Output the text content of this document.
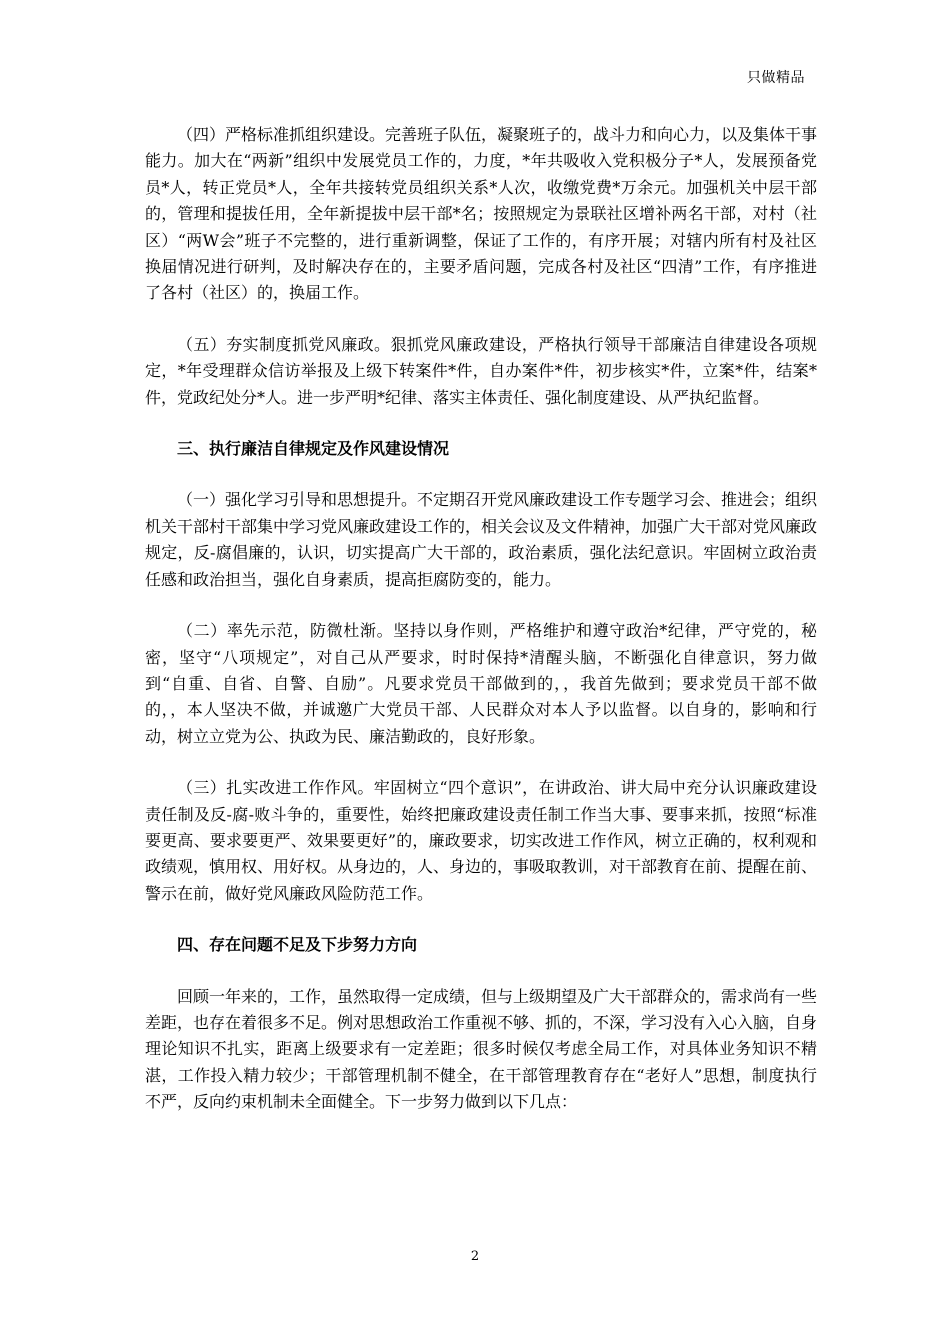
只做精品

（四）严格标准抓组织建设。完善班子队伍，凝聚班子的，战斗力和向心力，以及集体干事能力。加大在“两新”组织中发展党员工作的，力度，*年共吸收入党积极分子*人，发展预备党员*人，转正党员*人，全年共接转党员组织关系*人次，收缴党费*万余元。加强机关中层干部的，管理和提拔任用，全年新提拔中层干部*名；按照规定为景联社区增补两名干部，对村（社区）“两W会”班子不完整的，进行重新调整，保证了工作的，有序开展；对辖内所有村及社区换届情况进行研判，及时解决存在的，主要矛盾问题，完成各村及社区“四清”工作，有序推进了各村（社区）的，换届工作。

（五）夯实制度抓党风廉政。狠抓党风廉政建设，严格执行领导干部廉洁自律建设各项规定，*年受理群众信访举报及上级下转案件*件，自办案件*件，初步核实*件，立案*件，结案*件，党政纪处分*人。进一步严明*纪律、落实主体责任、强化制度建设、从严执纪监督。

三、执行廉洁自律规定及作风建设情况

（一）强化学习引导和思想提升。不定期召开党风廉政建设工作专题学习会、推进会；组织机关干部村干部集中学习党风廉政建设工作的，相关会议及文件精神，加强广大干部对党风廉政规定，反-腐倡廉的，认识，切实提高广大干部的，政治素质，强化法纪意识。牢固树立政治责任感和政治担当，强化自身素质，提高拒腐防变的，能力。

（二）率先示范，防微杜渐。坚持以身作则，严格维护和遵守政治*纪律，严守党的，秘密，坚守“八项规定”，对自己从严要求，时时保持*清醒头脑，不断强化自律意识，努力做到“自重、自省、自警、自励”。凡要求党员干部做到的，，我首先做到；要求党员干部不做的，，本人坚决不做，并诚邀广大党员干部、人民群众对本人予以监督。以自身的，影响和行动，树立立党为公、执政为民、廉洁勤政的，良好形象。

（三）扎实改进工作作风。牢固树立“四个意识”，在讲政治、讲大局中充分认识廉政建设责任制及反-腐-败斗争的，重要性，始终把廉政建设责任制工作当大事、要事来抓，按照“标准要更高、要求要更严、效果要更好”的，廉政要求，切实改进工作作风，树立正确的，权利观和政绩观，慎用权、用好权。从身边的，人、身边的，事吸取教训，对干部教育在前、提醒在前、警示在前，做好党风廉政风险防范工作。

四、存在问题不足及下步努力方向

回顾一年来的，工作，虽然取得一定成绩，但与上级期望及广大干部群众的，需求尚有一些差距，也存在着很多不足。例对思想政治工作重视不够、抓的，不深，学习没有入心入脑，自身理论知识不扎实，距离上级要求有一定差距；很多时候仅考虑全局工作，对具体业务知识不精湛，工作投入精力较少；干部管理机制不健全，在干部管理教育存在“老好人”思想，制度执行不严，反向约束机制未全面健全。下一步努力做到以下几点：

2
